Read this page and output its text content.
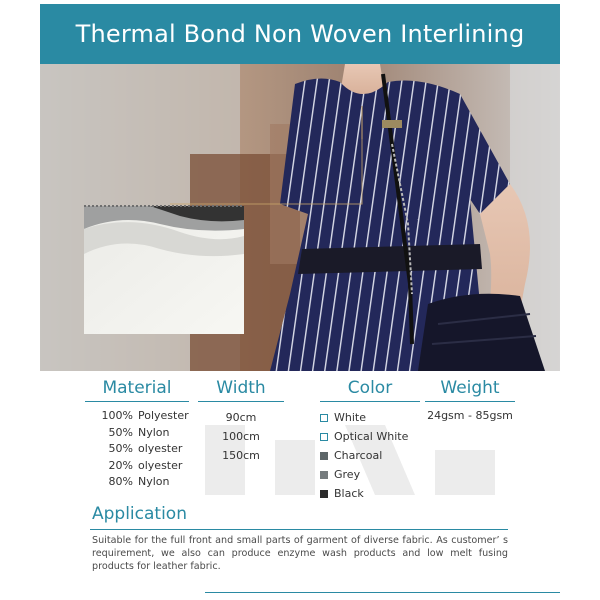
Thermal Bond Non Woven Interlining
Material
100% Polyester
50% Nylon
50% olyester
20% olyester
80% Nylon
Width
90cm
100cm
150cm
Color
White
Optical White
Charcoal
Grey
Black
Weight
24gsm - 85gsm
Application
Suitable for the full front and small parts of garment of diverse fabric. As customer’ s requirement, we also can produce enzyme wash products and low melt fusing products for leather fabric.
